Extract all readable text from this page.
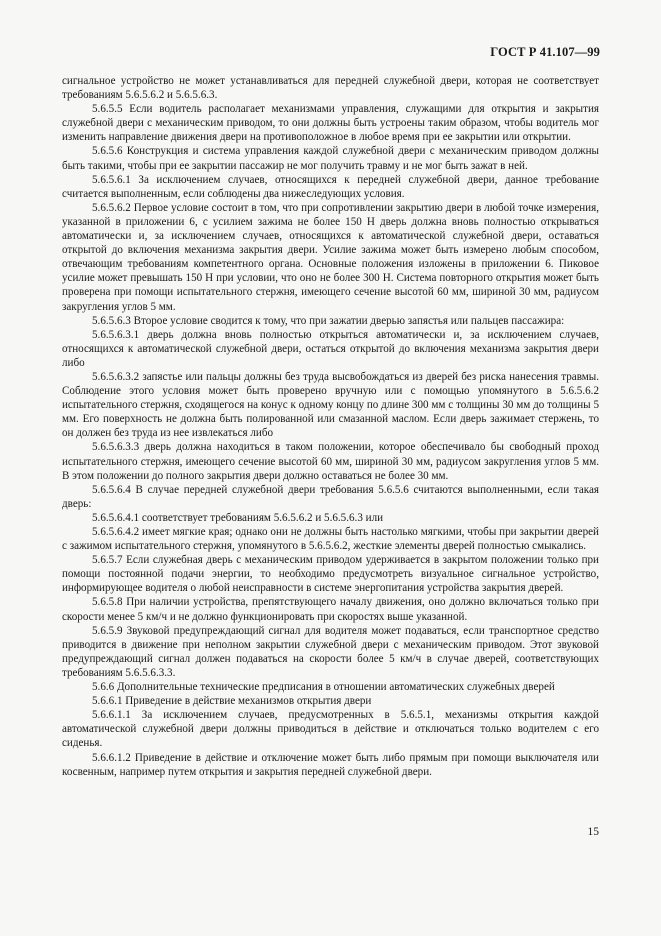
ГОСТ Р 41.107—99

сигнальное устройство не может устанавливаться для передней служебной двери, которая не соответствует требованиям 5.6.5.6.2 и 5.6.5.6.3.

5.6.5.5 Если водитель располагает механизмами управления, служащими для открытия и закрытия служебной двери с механическим приводом, то они должны быть устроены таким образом, чтобы водитель мог изменить направление движения двери на противоположное в любое время при ее закрытии или открытии.

5.6.5.6 Конструкция и система управления каждой служебной двери с механическим приводом должны быть такими, чтобы при ее закрытии пассажир не мог получить травму и не мог быть зажат в ней.

5.6.5.6.1 За исключением случаев, относящихся к передней служебной двери, данное требование считается выполненным, если соблюдены два нижеследующих условия.

5.6.5.6.2 Первое условие состоит в том, что при сопротивлении закрытию двери в любой точке измерения, указанной в приложении 6, с усилием зажима не более 150 Н дверь должна вновь полностью открываться автоматически и, за исключением случаев, относящихся к автоматической служебной двери, оставаться открытой до включения механизма закрытия двери. Усилие зажима может быть измерено любым способом, отвечающим требованиям компетентного органа. Основные положения изложены в приложении 6. Пиковое усилие может превышать 150 Н при условии, что оно не более 300 Н. Система повторного открытия может быть проверена при помощи испытательного стержня, имеющего сечение высотой 60 мм, шириной 30 мм, радиусом закругления углов 5 мм.

5.6.5.6.3 Второе условие сводится к тому, что при зажатии дверью запястья или пальцев пассажира:

5.6.5.6.3.1 дверь должна вновь полностью открыться автоматически и, за исключением случаев, относящихся к автоматической служебной двери, остаться открытой до включения механизма закрытия двери либо

5.6.5.6.3.2 запястье или пальцы должны без труда высвобождаться из дверей без риска нанесения травмы. Соблюдение этого условия может быть проверено вручную или с помощью упомянутого в 5.6.5.6.2 испытательного стержня, сходящегося на конус к одному концу по длине 300 мм с толщины 30 мм до толщины 5 мм. Его поверхность не должна быть полированной или смазанной маслом. Если дверь зажимает стержень, то он должен без труда из нее извлекаться либо

5.6.5.6.3.3 дверь должна находиться в таком положении, которое обеспечивало бы свободный проход испытательного стержня, имеющего сечение высотой 60 мм, шириной 30 мм, радиусом закругления углов 5 мм. В этом положении до полного закрытия двери должно оставаться не более 30 мм.

5.6.5.6.4 В случае передней служебной двери требования 5.6.5.6 считаются выполненными, если такая дверь:

5.6.5.6.4.1 соответствует требованиям 5.6.5.6.2 и 5.6.5.6.3 или

5.6.5.6.4.2 имеет мягкие края; однако они не должны быть настолько мягкими, чтобы при закрытии дверей с зажимом испытательного стержня, упомянутого в 5.6.5.6.2, жесткие элементы дверей полностью смыкались.

5.6.5.7 Если служебная дверь с механическим приводом удерживается в закрытом положении только при помощи постоянной подачи энергии, то необходимо предусмотреть визуальное сигнальное устройство, информирующее водителя о любой неисправности в системе энергопитания устройства закрытия дверей.

5.6.5.8 При наличии устройства, препятствующего началу движения, оно должно включаться только при скорости менее 5 км/ч и не должно функционировать при скоростях выше указанной.

5.6.5.9 Звуковой предупреждающий сигнал для водителя может подаваться, если транспортное средство приводится в движение при неполном закрытии служебной двери с механическим приводом. Этот звуковой предупреждающий сигнал должен подаваться на скорости более 5 км/ч в случае дверей, соответствующих требованиям 5.6.5.6.3.3.

5.6.6 Дополнительные технические предписания в отношении автоматических служебных дверей

5.6.6.1 Приведение в действие механизмов открытия двери

5.6.6.1.1 За исключением случаев, предусмотренных в 5.6.5.1, механизмы открытия каждой автоматической служебной двери должны приводиться в действие и отключаться только водителем с его сиденья.

5.6.6.1.2 Приведение в действие и отключение может быть либо прямым при помощи выключателя или косвенным, например путем открытия и закрытия передней служебной двери.

15
